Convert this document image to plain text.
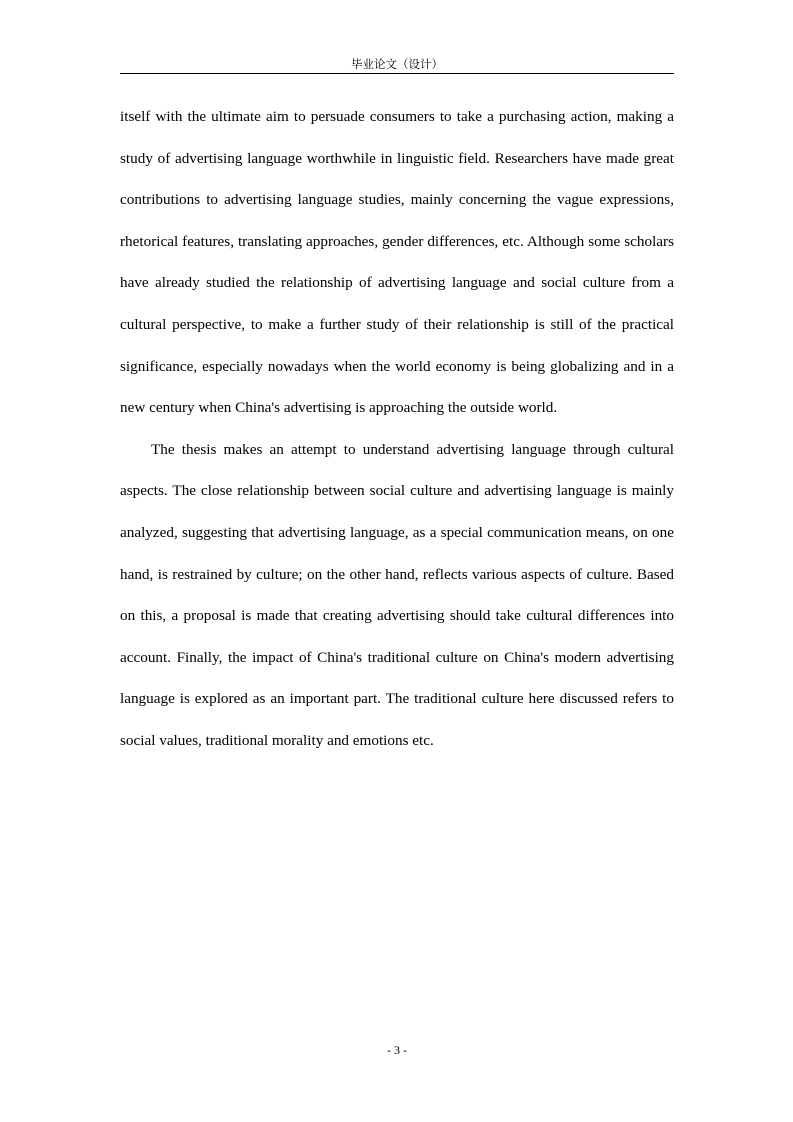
毕业论文（设计）

itself with the ultimate aim to persuade consumers to take a purchasing action, making a study of advertising language worthwhile in linguistic field. Researchers have made great contributions to advertising language studies, mainly concerning the vague expressions, rhetorical features, translating approaches, gender differences, etc. Although some scholars have already studied the relationship of advertising language and social culture from a cultural perspective, to make a further study of their relationship is still of the practical significance, especially nowadays when the world economy is being globalizing and in a new century when China's advertising is approaching the outside world.

The thesis makes an attempt to understand advertising language through cultural aspects. The close relationship between social culture and advertising language is mainly analyzed, suggesting that advertising language, as a special communication means, on one hand, is restrained by culture; on the other hand, reflects various aspects of culture. Based on this, a proposal is made that creating advertising should take cultural differences into account. Finally, the impact of China's traditional culture on China's modern advertising language is explored as an important part. The traditional culture here discussed refers to social values, traditional morality and emotions etc.

- 3 -
